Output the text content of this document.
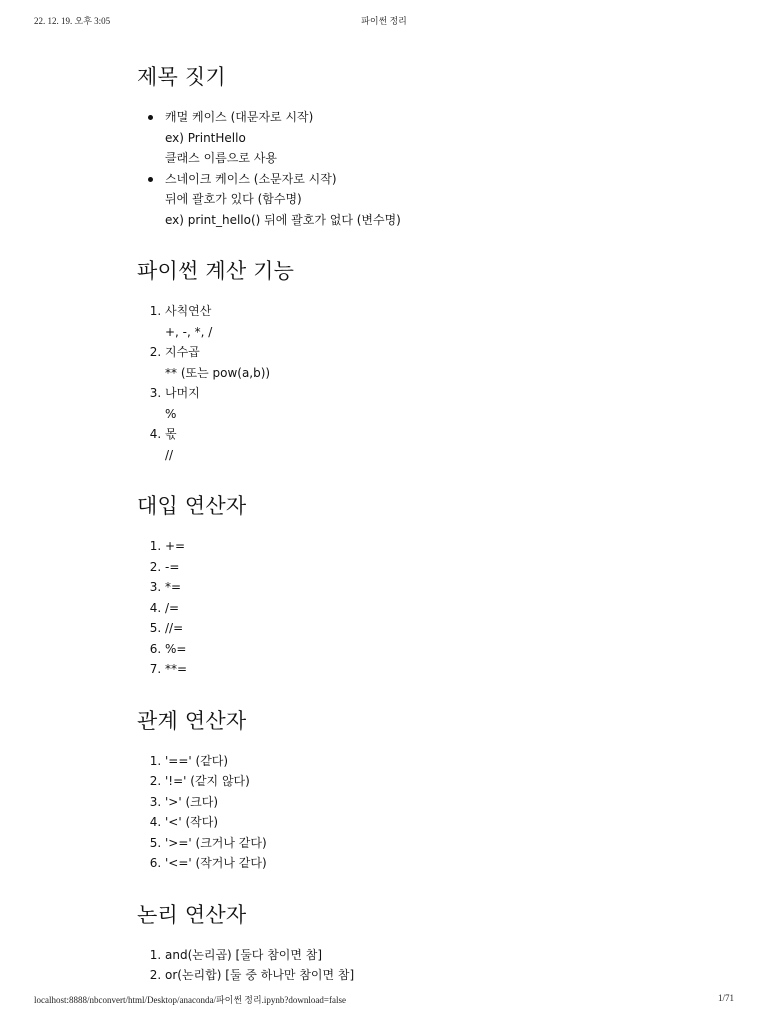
22. 12. 19. 오후 3:05	파이썬 정리
제목 짓기
캐멀 케이스 (대문자로 시작)
ex) PrintHello
클래스 이름으로 사용
스네이크 케이스 (소문자로 시작)
뒤에 괄호가 있다 (함수명)
ex) print_hello() 뒤에 괄호가 없다 (변수명)
파이썬 계산 기능
1. 사칙연산
+, -, *, /
2. 지수곱
** (또는 pow(a,b))
3. 나머지
%
4. 몫
//
대입 연산자
1. +=
2. -=
3. *=
4. /=
5. //=
6. %=
7. **=
관계 연산자
1. '==' (같다)
2. '!=' (같지 않다)
3. '>' (크다)
4. '<' (작다)
5. '>=' (크거나 같다)
6. '<=' (작거나 같다)
논리 연산자
1. and(논리곱) [둘다 참이면 참]
2. or(논리합) [둘 중 하나만 참이면 참]
localhost:8888/nbconvert/html/Desktop/anaconda/파이썬 정리.ipynb?download=false	1/71
